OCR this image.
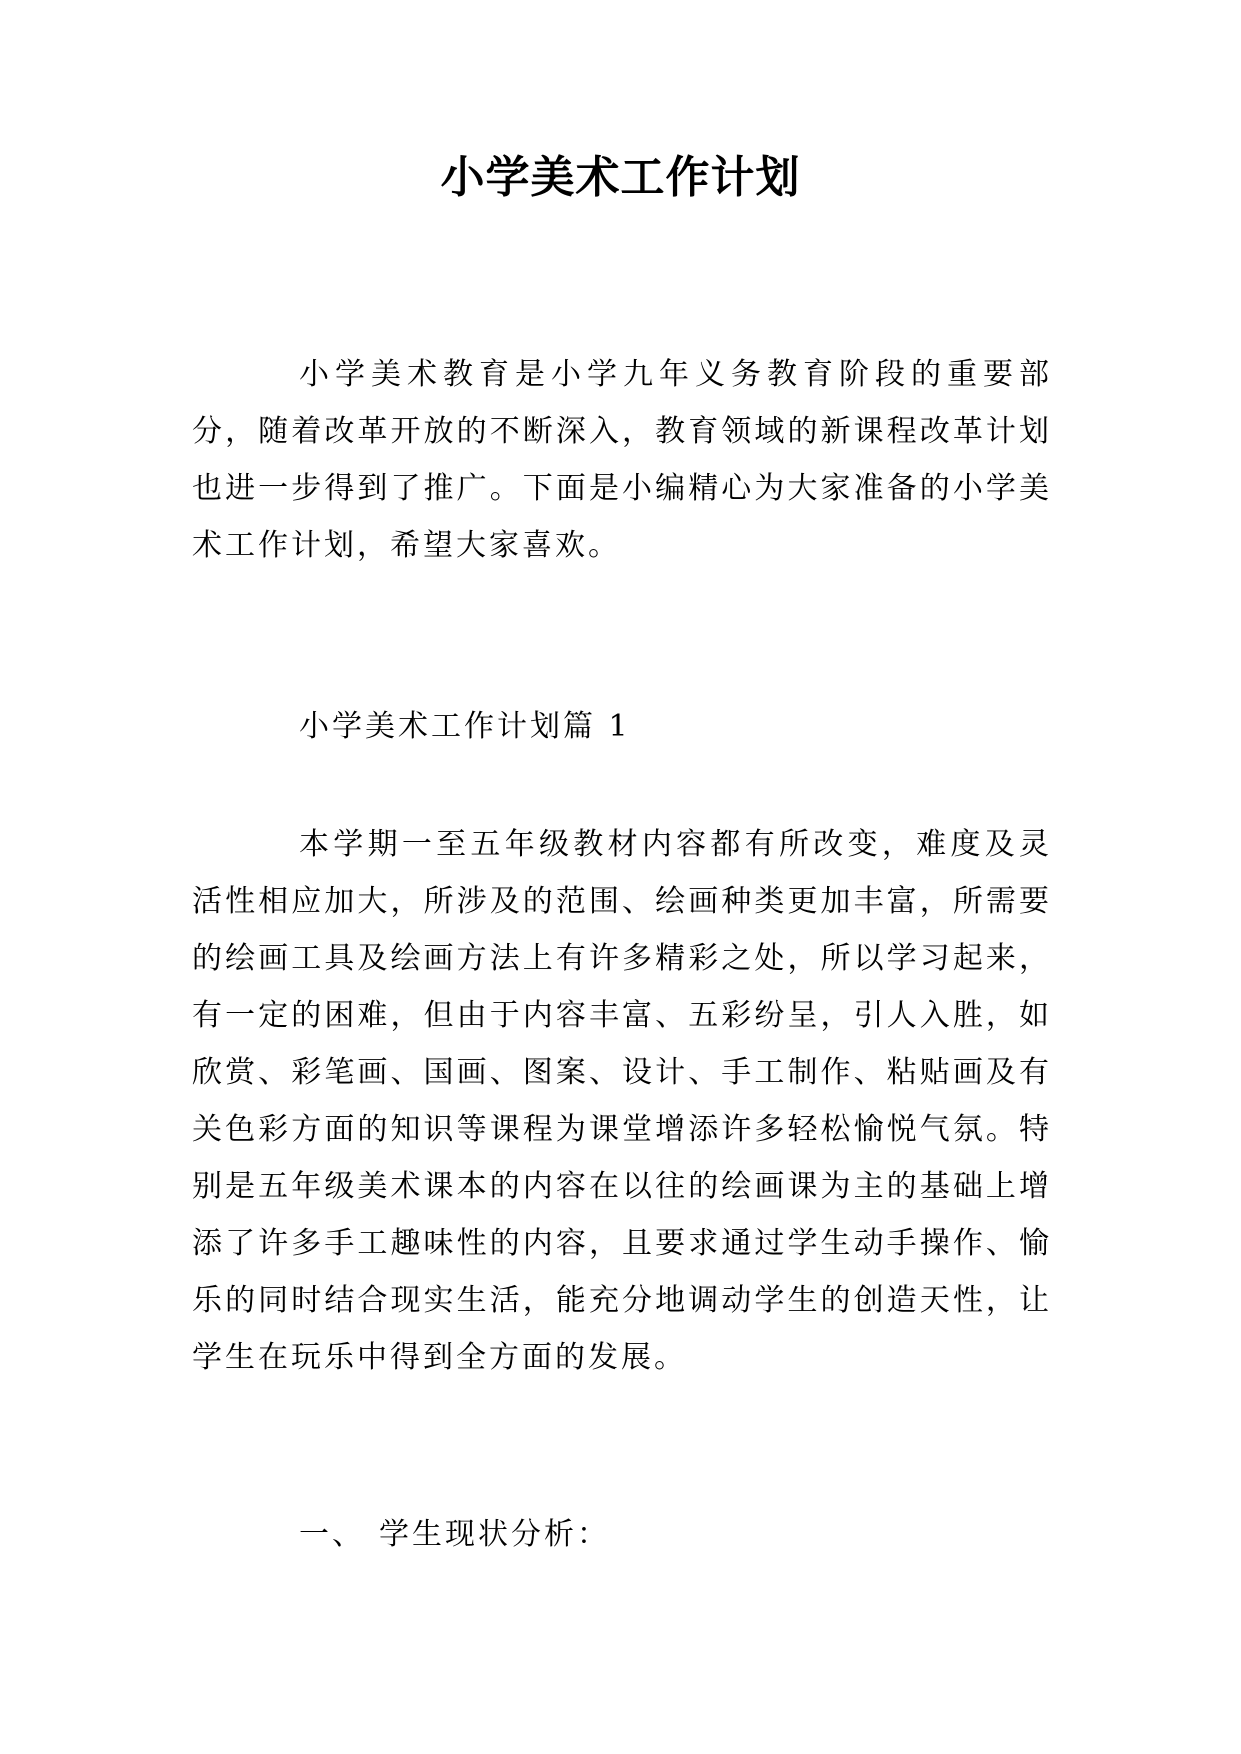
小学美术工作计划

小学美术教育是小学九年义务教育阶段的重要部分，随着改革开放的不断深入，教育领域的新课程改革计划也进一步得到了推广。下面是小编精心为大家准备的小学美术工作计划，希望大家喜欢。

小学美术工作计划篇 1

本学期一至五年级教材内容都有所改变，难度及灵活性相应加大，所涉及的范围、绘画种类更加丰富，所需要的绘画工具及绘画方法上有许多精彩之处，所以学习起来，有一定的困难，但由于内容丰富、五彩纷呈，引人入胜，如欣赏、彩笔画、国画、图案、设计、手工制作、粘贴画及有关色彩方面的知识等课程为课堂增添许多轻松愉悦气氛。特别是五年级美术课本的内容在以往的绘画课为主的基础上增添了许多手工趣味性的内容，且要求通过学生动手操作、愉乐的同时结合现实生活，能充分地调动学生的创造天性，让学生在玩乐中得到全方面的发展。

一、 学生现状分析：
